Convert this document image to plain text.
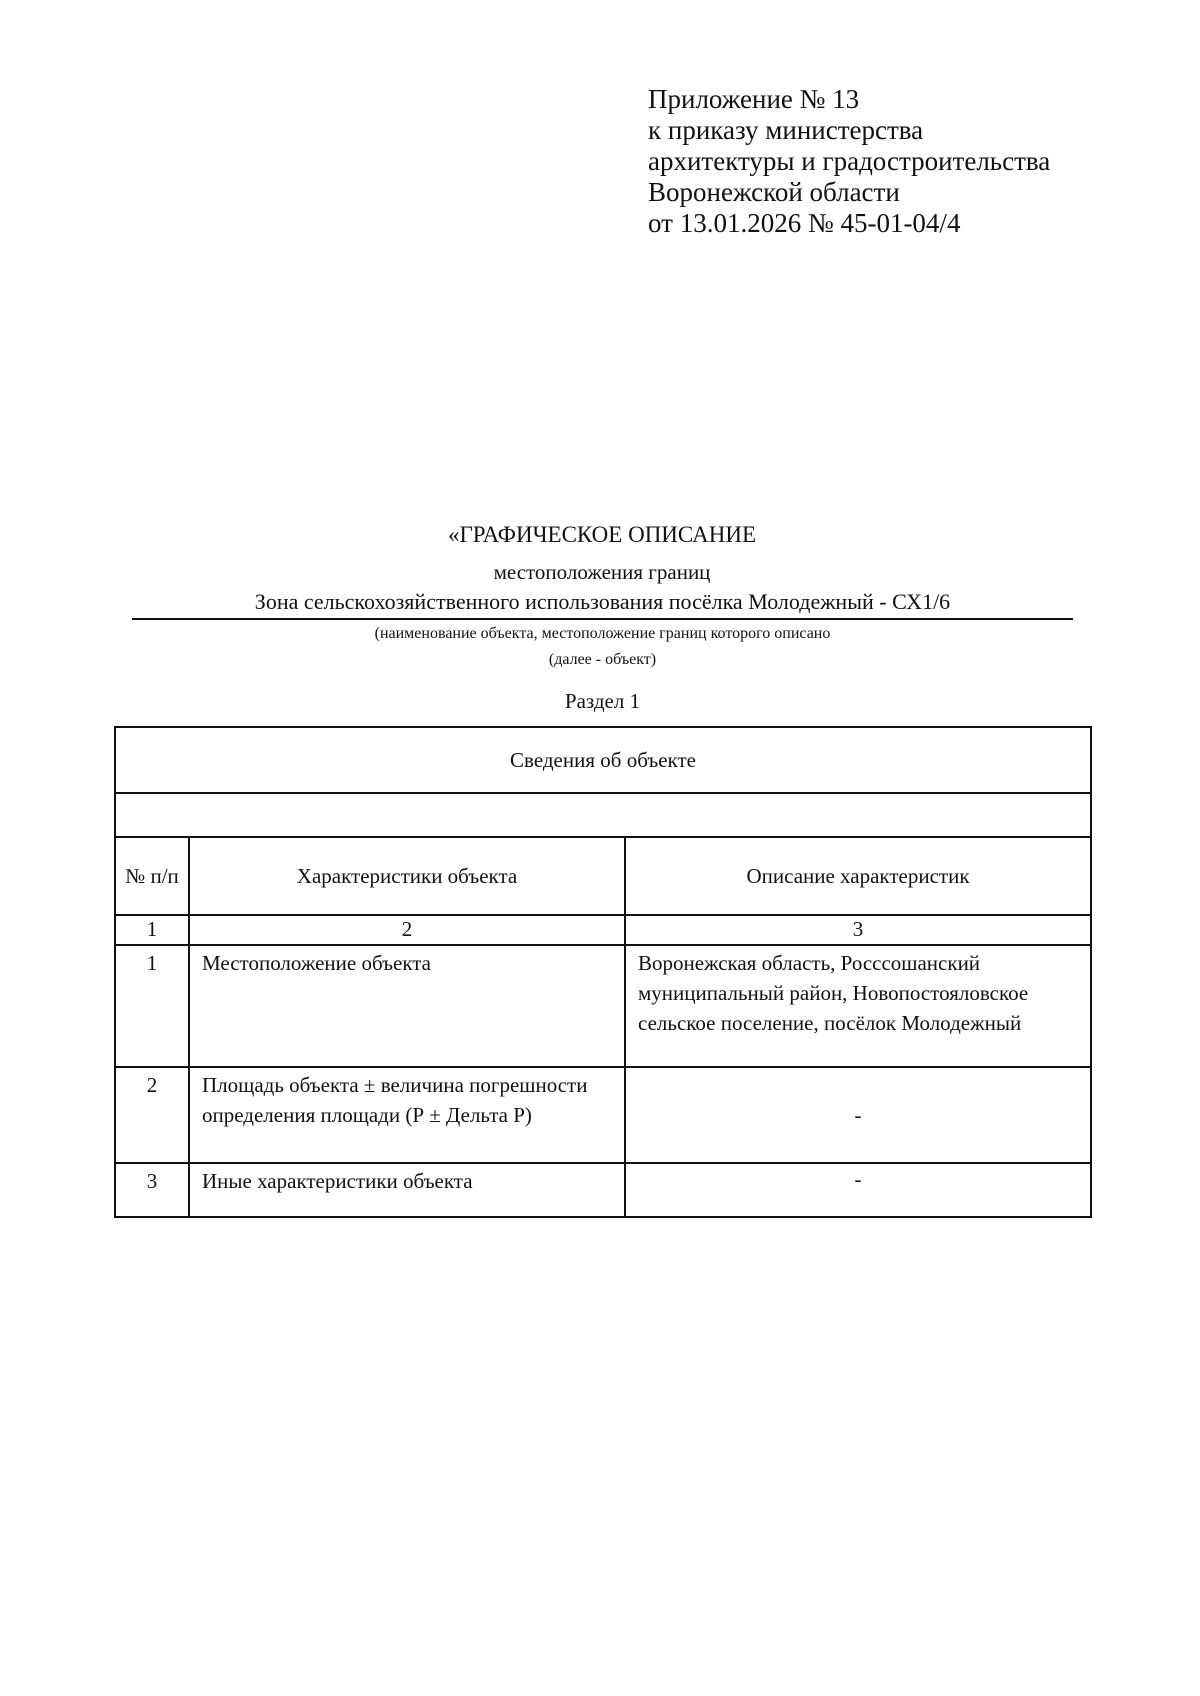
Приложение № 13
к приказу министерства
архитектуры и градостроительства
Воронежской области
от 13.01.2026 № 45-01-04/4
«ГРАФИЧЕСКОЕ ОПИСАНИЕ
местоположения границ
Зона сельскохозяйственного использования посёлка Молодежный - СХ1/6
(наименование объекта, местоположение границ которого описано
(далее - объект)
Раздел 1
Сведения об объекте		

№ п/п	Характеристики объекта	Описание характеристик
1	2	3
1	Местоположение объекта	Воронежская область, Росссошанский муниципальный район, Новопостояловское сельское поселение, посёлок Молодежный
2	Площадь объекта ± величина погрешности определения площади (Р ± Дельта Р)	-
3	Иные характеристики объекта	-
